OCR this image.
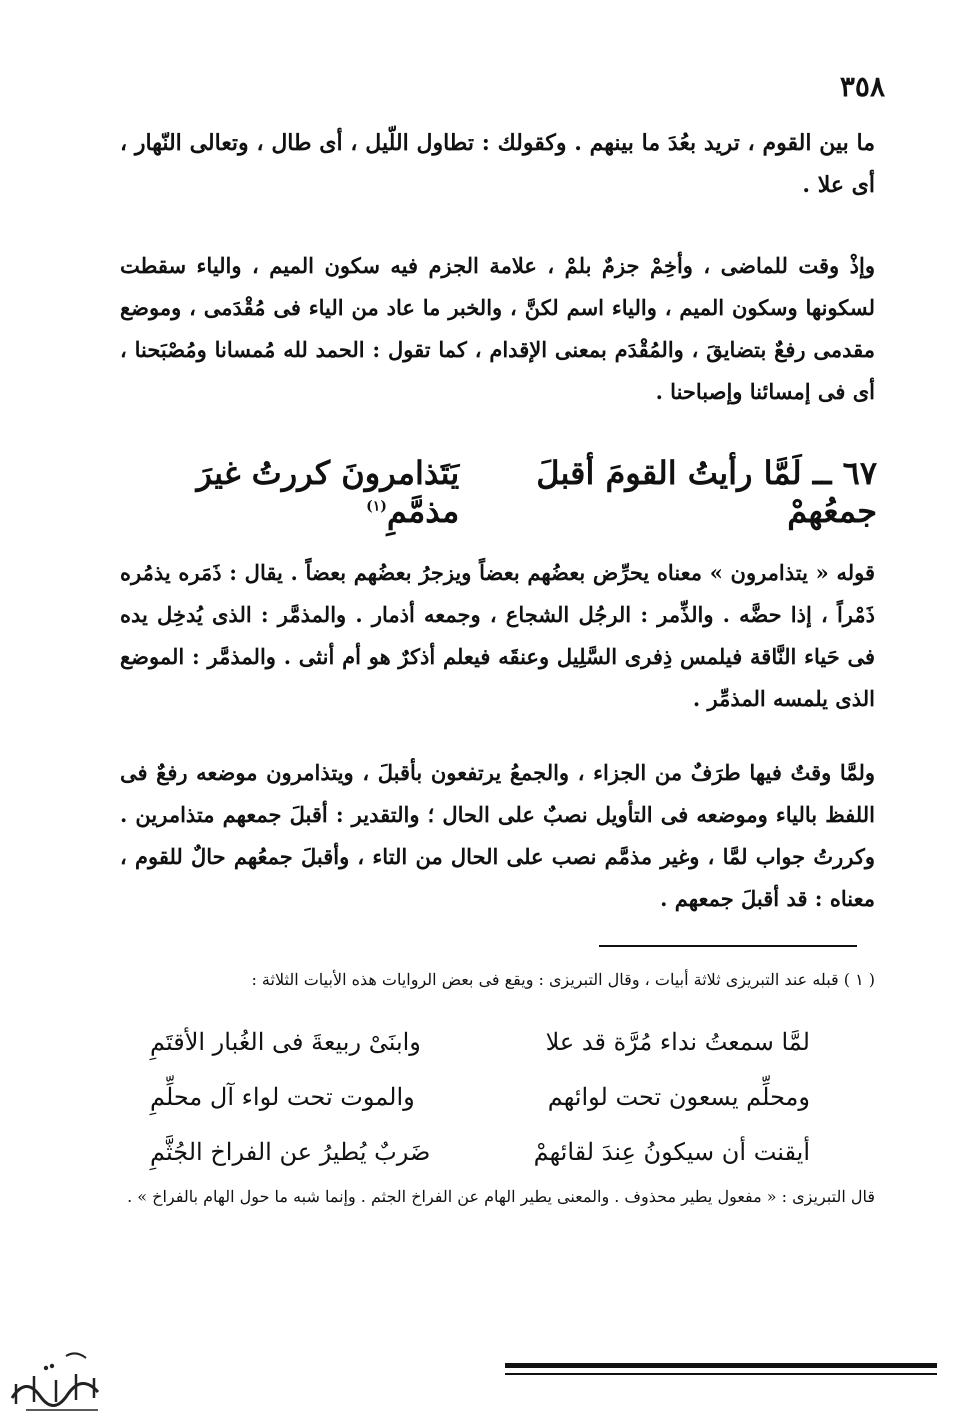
٣٥٨
ما بين القوم ، تريد بعُدَ ما بينهم . وكقولك : تطاول اللّيل ، أى طال ، وتعالى النّهار ، أى علا .
وإذْ وقت للماضى ، وأخِمْ جزمٌ بلمْ ، علامة الجزم فيه سكون الميم ، والياء سقطت لسكونها وسكون الميم ، والياء اسم لكنَّ ، والخبر ما عاد من الياء فى مُقْدَمى ، وموضع مقدمى رفعٌ بتضايقَ ، والمُقْدَم بمعنى الإقدام ، كما تقول : الحمد لله مُمسانا ومُصْبَحنا ، أى فى إمسائنا وإصباحنا .
٦٧ ــ لَمَّا رأيتُ القومَ أقبلَ جمعُهمْ
يَتَذامرونَ كررتُ غيرَ مذمَّمِ$^{(١)}$
قوله « يتذامرون » معناه يحرِّض بعضُهم بعضاً ويزجرُ بعضُهم بعضاً . يقال : ذَمَره يذمُره ذَمْراً ، إذا حضَّه . والذِّمر : الرجُل الشجاع ، وجمعه أذمار . والمذمَّر : الذى يُدخِل يده فى حَياء النَّاقة فيلمس ذِفرى السَّلِيل وعنقَه فيعلم أذكرٌ هو أم أنثى . والمذمَّر : الموضع الذى يلمسه المذمِّر .
ولمَّا وقتٌ فيها طرَفٌ من الجزاء ، والجمعُ يرتفعون بأقبلَ ، ويتذامرون موضعه رفعٌ فى اللفظ بالياء وموضعه فى التأويل نصبٌ على الحال ؛ والتقدير : أقبلَ جمعهم متذامرين . وكررتُ جواب لمَّا ، وغير مذمَّم نصب على الحال من التاء ، وأقبلَ جمعُهم حالٌ للقوم ، معناه : قد أقبلَ جمعهم .
( ١ ) قبله عند التبريزى ثلاثة أبيات ، وقال التبريزى : ويقع فى بعض الروايات هذه الأبيات الثلاثة :
لمَّا سمعتُ نداء مُرَّة قد علا
وابنَىْ ربيعةَ فى الغُبار الأقتَمِ
ومحلِّم يسعون تحت لوائهم
والموت تحت لواء آل محلِّمِ
أيقنت أن سيكونُ عِندَ لقائهمْ
ضَربٌ يُطيرُ عن الفراخ الجُثَّمِ
قال التبريزى : « مفعول يطير محذوف . والمعنى يطير الهام عن الفراخ الجثم . وإنما شبه ما حول الهام بالفراخ » .
